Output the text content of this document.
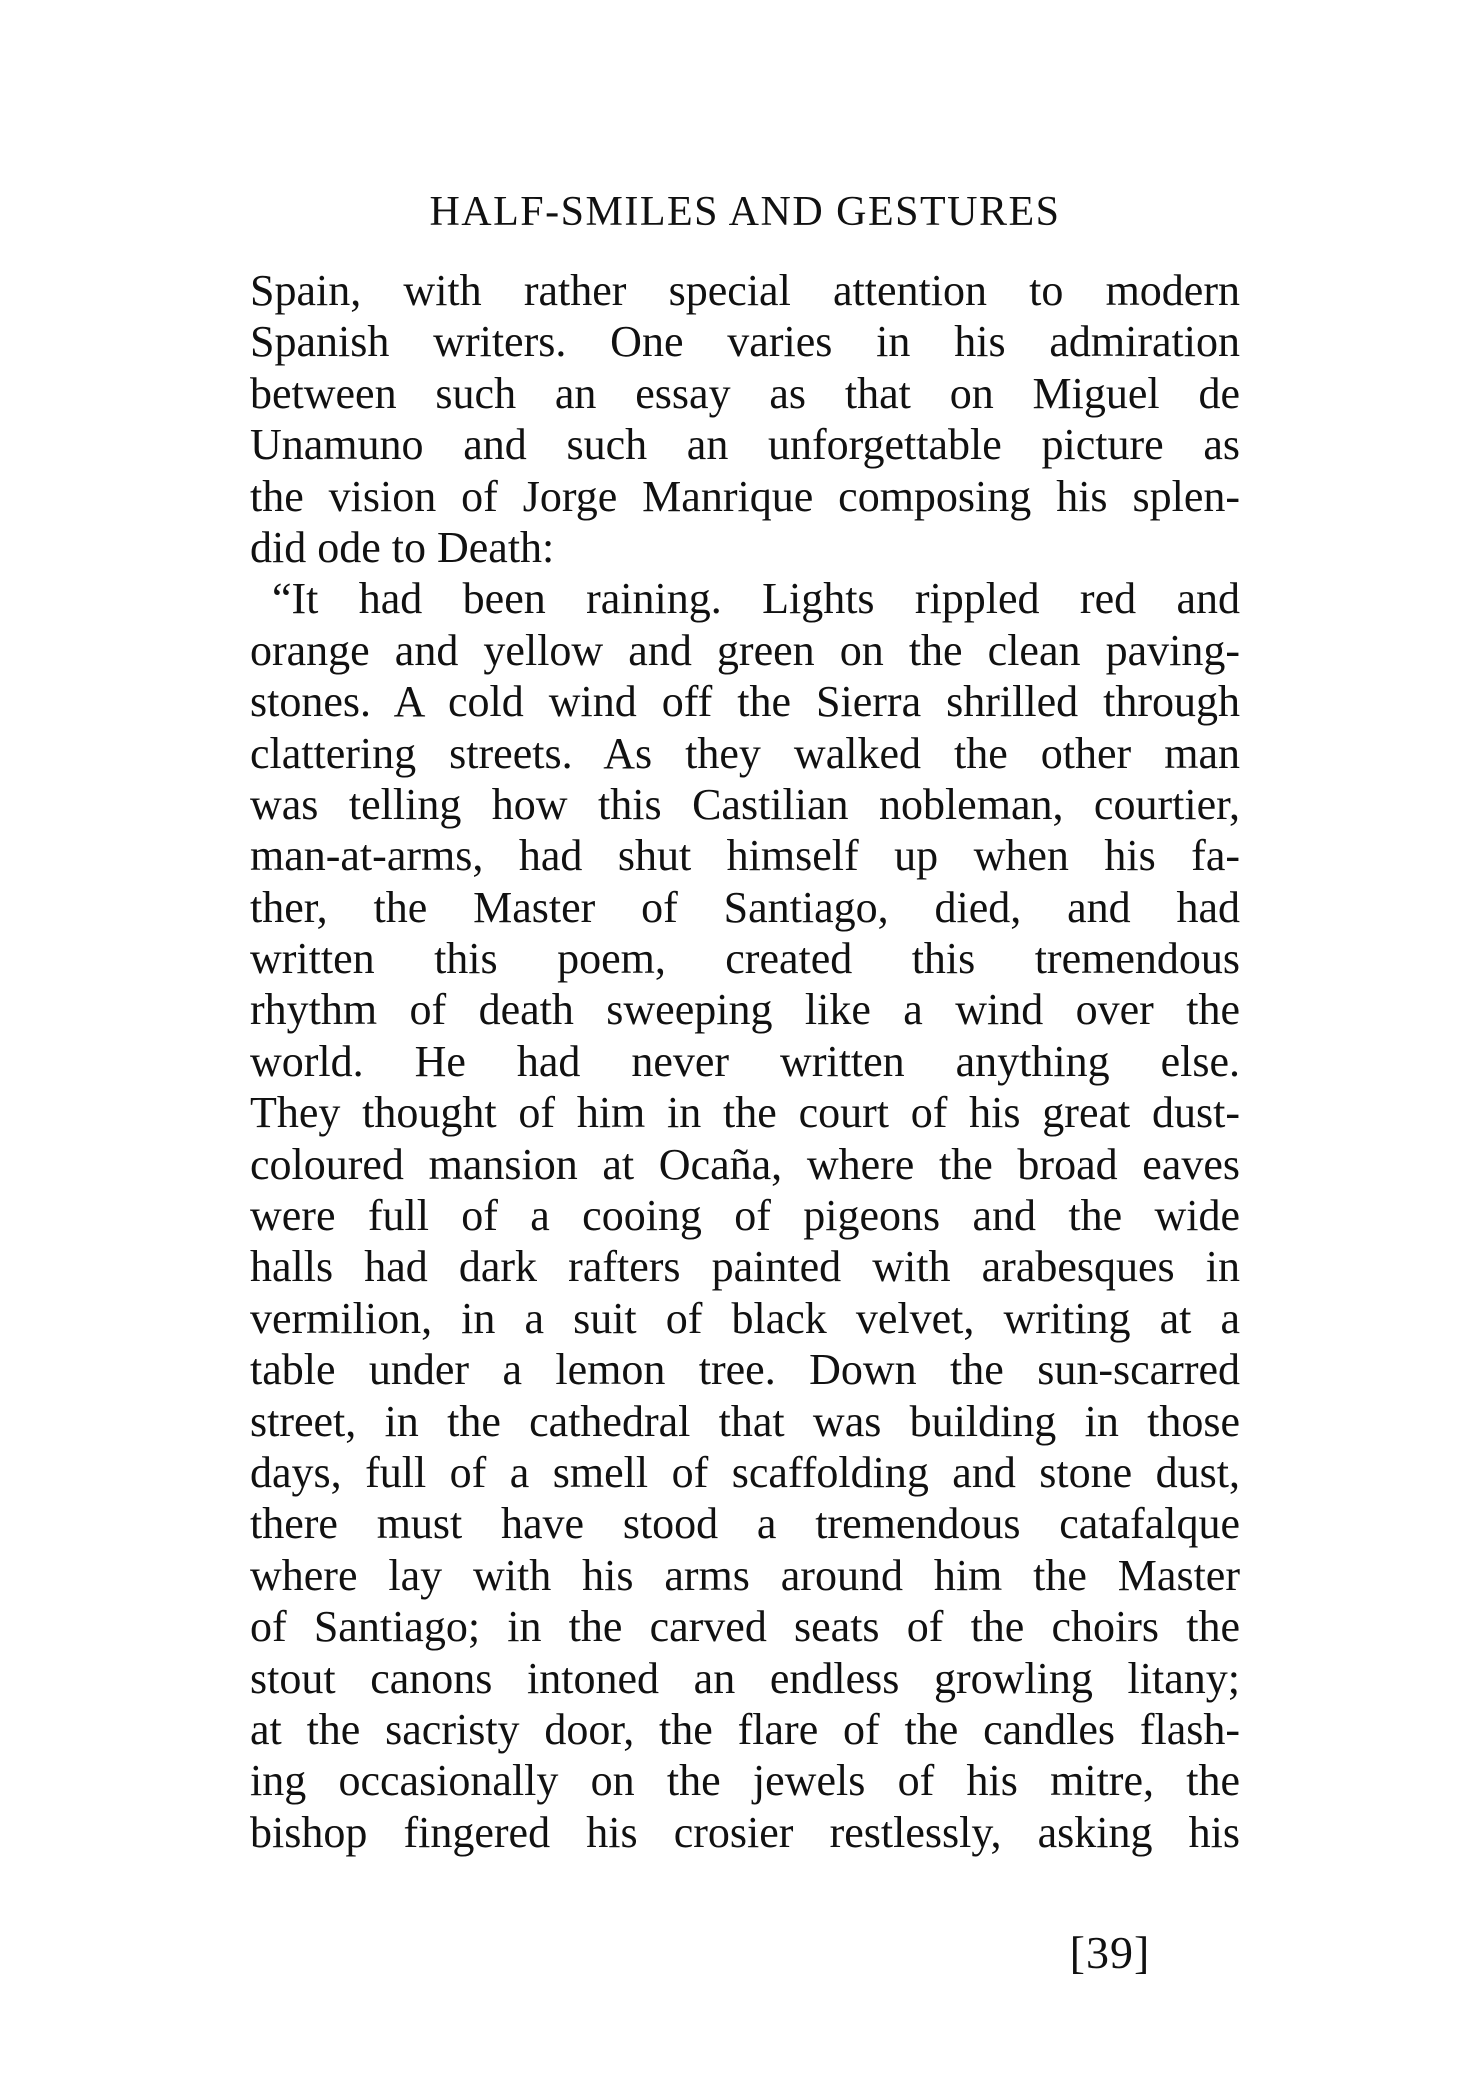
HALF-SMILES AND GESTURES
Spain, with rather special attention to modern
Spanish writers. One varies in his admiration
between such an essay as that on Miguel de
Unamuno and such an unforgettable picture as
the vision of Jorge Manrique composing his splen-
did ode to Death:
“It had been raining. Lights rippled red and
orange and yellow and green on the clean paving-
stones. A cold wind off the Sierra shrilled through
clattering streets. As they walked the other man
was telling how this Castilian nobleman, courtier,
man-at-arms, had shut himself up when his fa-
ther, the Master of Santiago, died, and had
written this poem, created this tremendous
rhythm of death sweeping like a wind over the
world. He had never written anything else.
They thought of him in the court of his great dust-
coloured mansion at Ocaña, where the broad eaves
were full of a cooing of pigeons and the wide
halls had dark rafters painted with arabesques in
vermilion, in a suit of black velvet, writing at a
table under a lemon tree. Down the sun-scarred
street, in the cathedral that was building in those
days, full of a smell of scaffolding and stone dust,
there must have stood a tremendous catafalque
where lay with his arms around him the Master
of Santiago; in the carved seats of the choirs the
stout canons intoned an endless growling litany;
at the sacristy door, the flare of the candles flash-
ing occasionally on the jewels of his mitre, the
bishop fingered his crosier restlessly, asking his
[39]
